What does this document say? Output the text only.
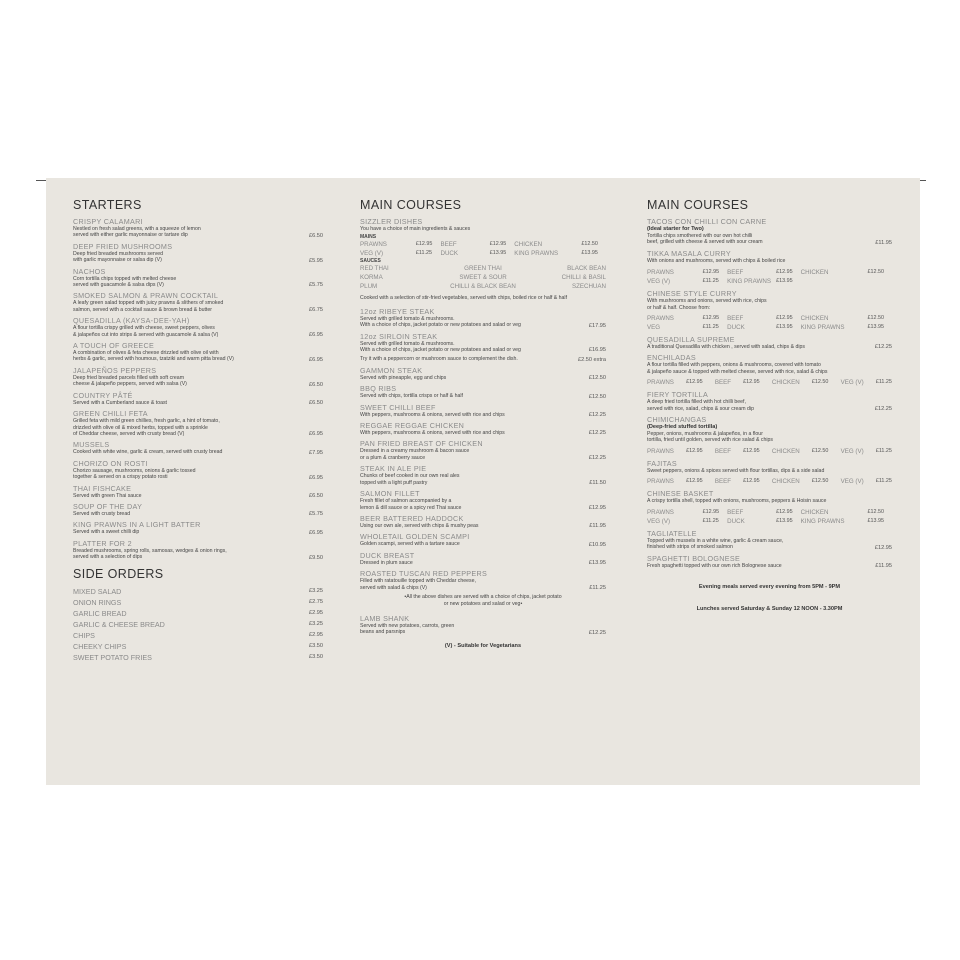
STARTERS
CRISPY CALAMARI
Nestled on fresh salad greens, with a squeeze of lemon
served with either garlic mayonnaise or tartare dip	£6.50
DEEP FRIED MUSHROOMS
Deep fried breaded mushrooms served
with garlic mayonnaise or salsa dip (V)	£5.95
NACHOS
Corn tortilla chips topped with melted cheese
served with guacamole & salsa dips (V)	£5.75
SMOKED SALMON & PRAWN COCKTAIL
A leafy green salad topped with juicy prawns & slithers of smoked
salmon, served with a cocktail sauce & brown bread & butter	£6.75
QUESADILLA (KAYSA-DEE-YAH)
A flour tortilla crispy grilled with cheese, sweet peppers, olives
& jalapeños cut into strips & served with guacamole & salsa (V)	£6.95
A TOUCH OF GREECE
A combination of olives & feta cheese drizzled with olive oil with
herbs & garlic, served with houmous, tzatziki and warm pitta bread (V)	£6.95
JALAPEÑOS PEPPERS
Deep fried breaded parcels filled with soft cream
cheese & jalapeño peppers, served with salsa (V)	£6.50
COUNTRY PÂTÉ
Served with a Cumberland sauce & toast	£6.50
GREEN CHILLI FETA
Grilled feta with mild green chillies, fresh garlic, a hint of tomato,
drizzled with olive oil & mixed herbs, topped with a sprinkle
of Cheddar cheese, served with crusty bread (V)	£6.95
MUSSELS
Cooked with white wine, garlic & cream, served with crusty bread	£7.95
CHORIZO ON ROSTI
Chorizo sausage, mushrooms, onions & garlic tossed
together & served on a crispy potato rosti	£6.95
THAI FISHCAKE
Served with green Thai sauce	£6.50
SOUP OF THE DAY
Served with crusty bread	£5.75
KING PRAWNS IN A LIGHT BATTER
Served with a sweet chilli dip	£6.95
PLATTER FOR 2
Breaded mushrooms, spring rolls, samosas, wedges & onion rings,
served with a selection of dips	£9.50
SIDE ORDERS
MIXED SALAD	£3.25
ONION RINGS	£2.75
GARLIC BREAD	£2.95
GARLIC & CHEESE BREAD	£3.25
CHIPS	£2.95
CHEEKY CHIPS	£3.50
SWEET POTATO FRIES	£3.50
MAIN COURSES
SIZZLER DISHES
You have a choice of main ingredients & sauces
MAINS
PRAWNS	£12.95	BEEF	£12.95	CHICKEN	£12.50
VEG (V)	£11.25	DUCK	£13.95	KING PRAWNS	£13.95
SAUCES
RED THAI	GREEN THAI	BLACK BEAN
KORMA	SWEET & SOUR	CHILLI & BASIL
PLUM	CHILLI & BLACK BEAN	SZECHUAN
Cooked with a selection of stir-fried vegetables, served with chips, boiled rice or half & half
12oz RIBEYE STEAK
Served with grilled tomato & mushrooms.
With a choice of chips, jacket potato or new potatoes and salad or veg	£17.95
12oz SIRLOIN STEAK
Served with grilled tomato & mushrooms.
With a choice of chips, jacket potato or new potatoes and salad or veg	£16.95
Try it with a peppercorn or mushroom sauce to complement the dish.	£2.50 extra
GAMMON STEAK
Served with pineapple, egg and chips	£12.50
BBQ RIBS
Served with chips, tortilla crisps or half & half	£12.50
SWEET CHILLI BEEF
With peppers, mushrooms & onions, served with rice and chips	£12.25
REGGAE REGGAE CHICKEN
With peppers, mushrooms & onions, served with rice and chips	£12.25
PAN FRIED BREAST OF CHICKEN
Dressed in a creamy mushroom & bacon sauce
or a plum & cranberry sauce	£12.25
STEAK IN ALE PIE
Chunks of beef cooked in our own real ales
topped with a light puff pastry	£11.50
SALMON FILLET
Fresh fillet of salmon accompanied by a
lemon & dill sauce or a spicy red Thai sauce	£12.95
BEER BATTERED HADDOCK
Using our own ale, served with chips & mushy peas	£11.95
WHOLETAIL GOLDEN SCAMPI
Golden scampi, served with a tartare sauce	£10.95
DUCK BREAST
Dressed in plum sauce	£13.95
ROASTED TUSCAN RED PEPPERS
Filled with ratatouille topped with Cheddar cheese,
served with salad & chips (V)	£11.25
•All the above dishes are served with a choice of chips, jacket potato
or new potatoes and salad or veg•
LAMB SHANK
Served with new potatoes, carrots, green
beans and parsnips	£12.25
(V) - Suitable for Vegetarians
MAIN COURSES
TACOS CON CHILLI CON CARNE
(Ideal starter for Two)
Tortilla chips smothered with our own hot chilli
beef, grilled with cheese & served with sour cream	£11.95
TIKKA MASALA CURRY
With onions and mushrooms, served with chips & boiled rice
PRAWNS	£12.95	BEEF	£12.95	CHICKEN	£12.50
VEG (V)	£11.25	KING PRAWNS £13.95
CHINESE STYLE CURRY
With mushrooms and onions, served with rice, chips
or half & half. Choose from:
PRAWNS	£12.95	BEEF	£12.95	CHICKEN	£12.50
VEG	£11.25	DUCK	£13.95	KING PRAWNS	£13.95
QUESADILLA SUPREME
A traditional Quesadilla with chicken , served with salad, chips & dips	£12.25
ENCHILADAS
A flour tortilla filled with peppers, onions & mushrooms, covered with tomato
& jalapeño sauce & topped with melted cheese, served with rice, salad & chips
PRAWNS £12.95 BEEF £12.95 CHICKEN £12.50 VEG (V) £11.25
FIERY TORTILLA
A deep fried tortilla filled with hot chilli beef,
served with rice, salad, chips & sour cream dip	£12.25
CHIMICHANGAS
(Deep-fried stuffed tortilla)
Pepper, onions, mushrooms & jalapeños, in a flour
tortilla, fried until golden, served with rice salad & chips
PRAWNS £12.95 BEEF £12.95 CHICKEN £12.50 VEG (V) £11.25
FAJITAS
Sweet peppers, onions & spices served with flour tortillas, dips & a side salad
PRAWNS £12.95 BEEF £12.95 CHICKEN £12.50 VEG (V) £11.25
CHINESE BASKET
A crispy tortilla shell, topped with onions, mushrooms, peppers & Hoisin sauce
PRAWNS	£12.95	BEEF	£12.95	CHICKEN	£12.50
VEG (V)	£11.25	DUCK	£13.95	KING PRAWNS	£13.95
TAGLIATELLE
Topped with mussels in a white wine, garlic & cream sauce,
finished with strips of smoked salmon	£12.95
SPAGHETTI BOLOGNESE
Fresh spaghetti topped with our own rich Bolognese sauce	£11.95
Evening meals served every evening from 5PM - 9PM
Lunches served Saturday & Sunday 12 NOON - 3.30PM
